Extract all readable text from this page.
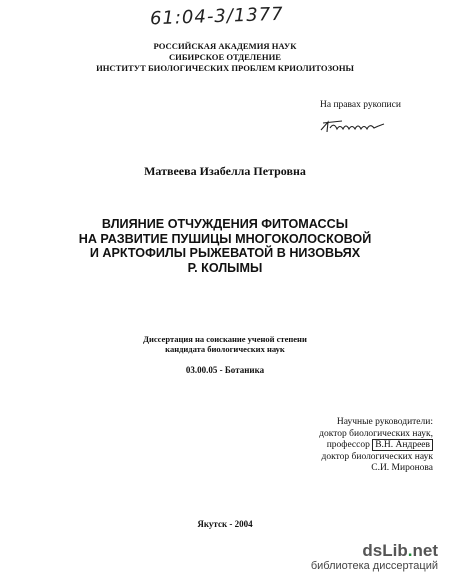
61:04-3/1377
РОССИЙСКАЯ АКАДЕМИЯ НАУК
СИБИРСКОЕ ОТДЕЛЕНИЕ
ИНСТИТУТ БИОЛОГИЧЕСКИХ ПРОБЛЕМ КРИОЛИТОЗОНЫ
На правах рукописи
Матвеева Изабелла Петровна
ВЛИЯНИЕ ОТЧУЖДЕНИЯ ФИТОМАССЫ
НА РАЗВИТИЕ ПУШИЦЫ МНОГОКОЛОСКОВОЙ
И АРКТОФИЛЫ РЫЖЕВАТОЙ В НИЗОВЬЯХ
Р. КОЛЫМЫ
Диссертация на соискание ученой степени
кандидата биологических наук
03.00.05 - Ботаника
Научные руководители:
доктор биологических наук,
профессор В.Н. Андреев
доктор биологических наук
С.И. Миронова
Якутск - 2004
dsLib.net
библиотека диссертаций
